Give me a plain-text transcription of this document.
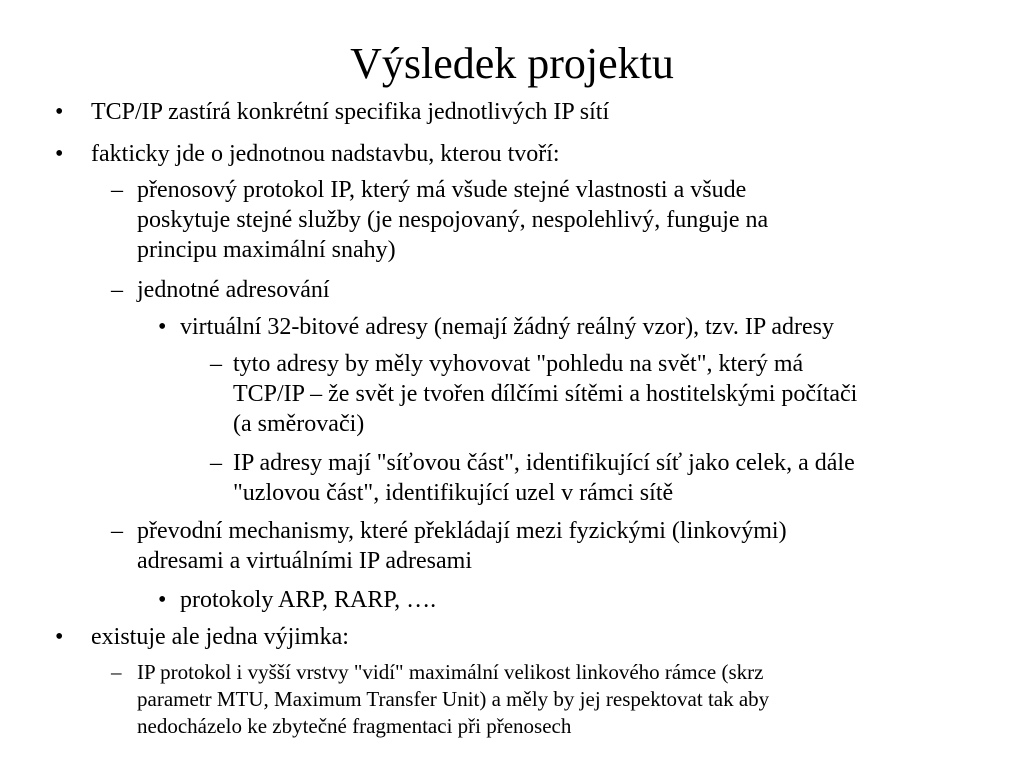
Výsledek projektu
• TCP/IP zastírá konkrétní specifika jednotlivých IP sítí
• fakticky jde o jednotnou nadstavbu, kterou tvoří:
– přenosový protokol IP, který má všude stejné vlastnosti a všude
poskytuje stejné služby (je nespojovaný, nespolehlivý, funguje na
principu maximální snahy)
– jednotné adresování
• virtuální 32-bitové adresy (nemají žádný reálný vzor), tzv. IP adresy
– tyto adresy by měly vyhovovat "pohledu na svět", který má
TCP/IP – že svět je tvořen dílčími sítěmi a hostitelskými počítači
(a směrovači)
– IP adresy mají "síťovou část", identifikující síť jako celek, a dále
"uzlovou část", identifikující uzel v rámci sítě
– převodní mechanismy, které překládají mezi fyzickými (linkovými)
adresami a virtuálními IP adresami
• protokoly ARP, RARP, ….
• existuje ale jedna výjimka:
– IP protokol i vyšší vrstvy "vidí" maximální velikost linkového rámce (skrz
parametr MTU, Maximum Transfer Unit) a měly by jej respektovat tak aby
nedocházelo ke zbytečné fragmentaci při přenosech
